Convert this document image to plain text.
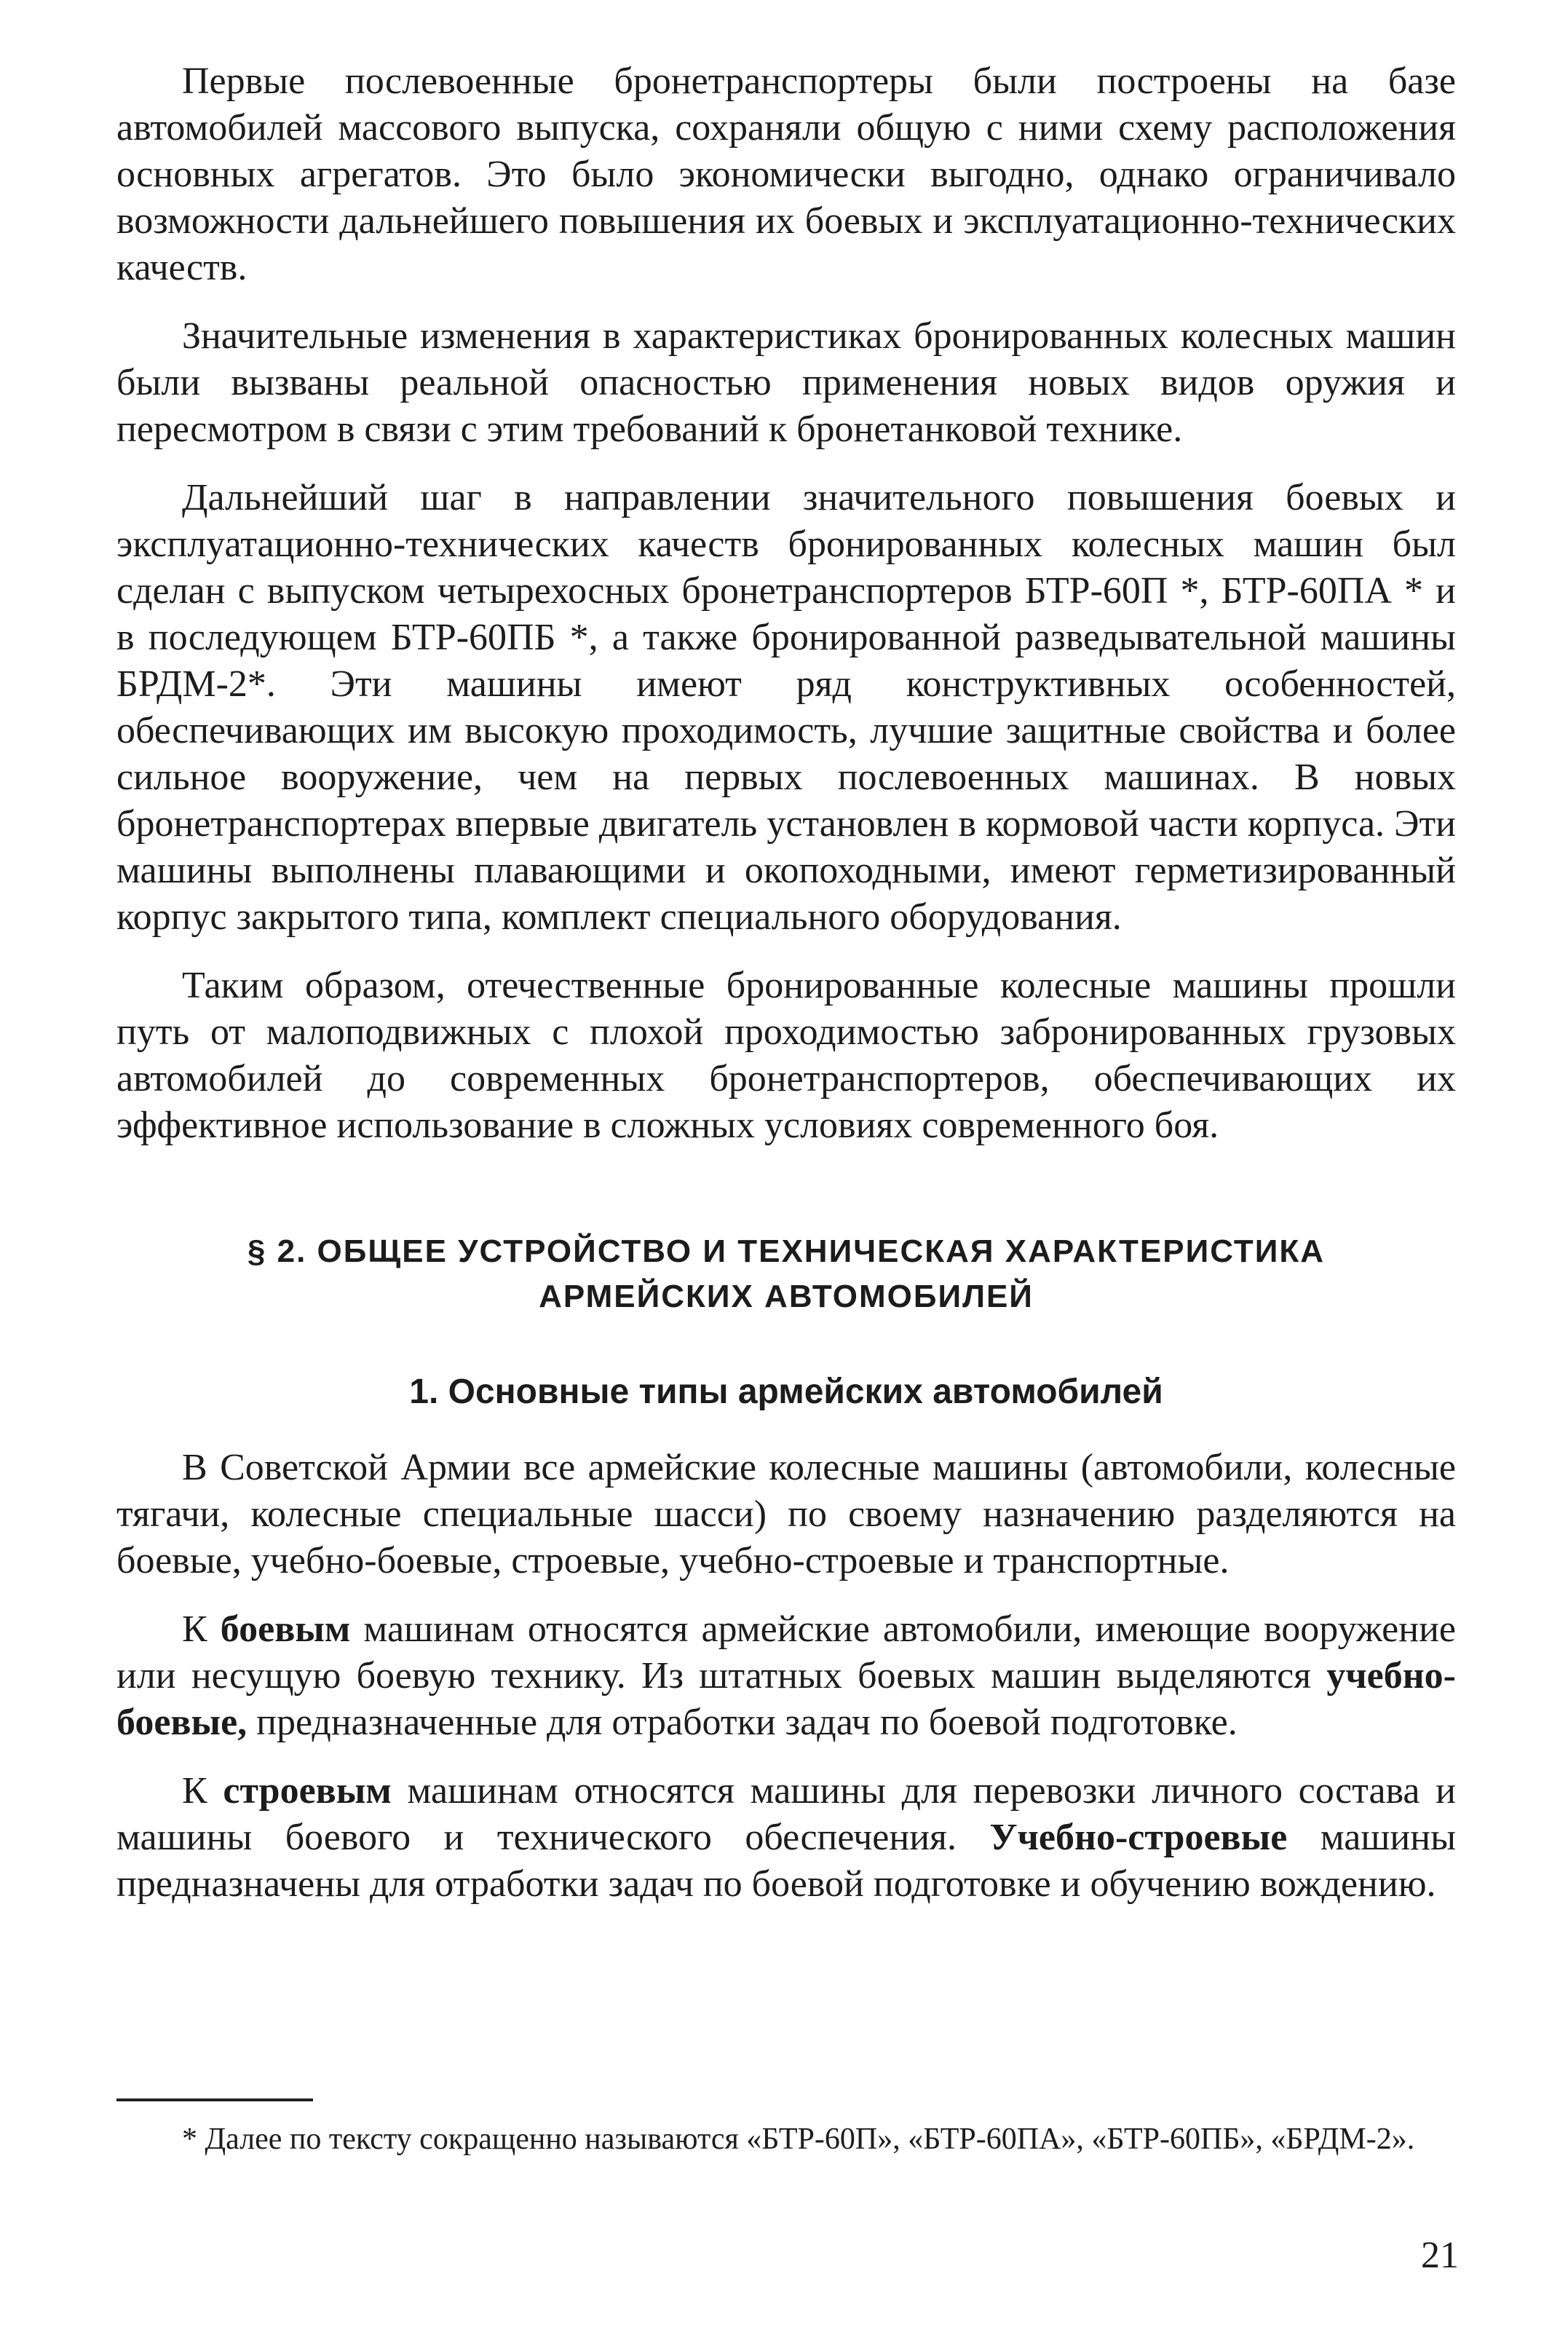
Первые послевоенные бронетранспортеры были построены на базе автомобилей массового выпуска, сохраняли общую с ними схему расположения основных агрегатов. Это было экономически выгодно, однако ограничивало возможности дальнейшего повышения их боевых и эксплуатационно-технических качеств.

Значительные изменения в характеристиках бронированных колесных машин были вызваны реальной опасностью применения новых видов оружия и пересмотром в связи с этим требований к бронетанковой технике.

Дальнейший шаг в направлении значительного повышения боевых и эксплуатационно-технических качеств бронированных колесных машин был сделан с выпуском четырехосных бронетранспортеров БТР-60П *, БТР-60ПА * и в последующем БТР-60ПБ *, а также бронированной разведывательной машины БРДМ-2*. Эти машины имеют ряд конструктивных особенностей, обеспечивающих им высокую проходимость, лучшие защитные свойства и более сильное вооружение, чем на первых послевоенных машинах. В новых бронетранспортерах впервые двигатель установлен в кормовой части корпуса. Эти машины выполнены плавающими и окопоходными, имеют герметизированный корпус закрытого типа, комплект специального оборудования.

Таким образом, отечественные бронированные колесные машины прошли путь от малоподвижных с плохой проходимостью забронированных грузовых автомобилей до современных бронетранспортеров, обеспечивающих их эффективное использование в сложных условиях современного боя.

§ 2. ОБЩЕЕ УСТРОЙСТВО И ТЕХНИЧЕСКАЯ ХАРАКТЕРИСТИКА
АРМЕЙСКИХ АВТОМОБИЛЕЙ
1. Основные типы армейских автомобилей

В Советской Армии все армейские колесные машины (автомобили, колесные тягачи, колесные специальные шасси) по своему назначению разделяются на боевые, учебно-боевые, строевые, учебно-строевые и транспортные.

К боевым машинам относятся армейские автомобили, имеющие вооружение или несущую боевую технику. Из штатных боевых машин выделяются учебно-боевые, предназначенные для отработки задач по боевой подготовке.

К строевым машинам относятся машины для перевозки личного состава и машины боевого и технического обеспечения. Учебно-строевые машины предназначены для отработки задач по боевой подготовке и обучению вождению.

* Далее по тексту сокращенно называются «БТР-60П», «БТР-60ПА», «БТР-60ПБ», «БРДМ-2».
21
